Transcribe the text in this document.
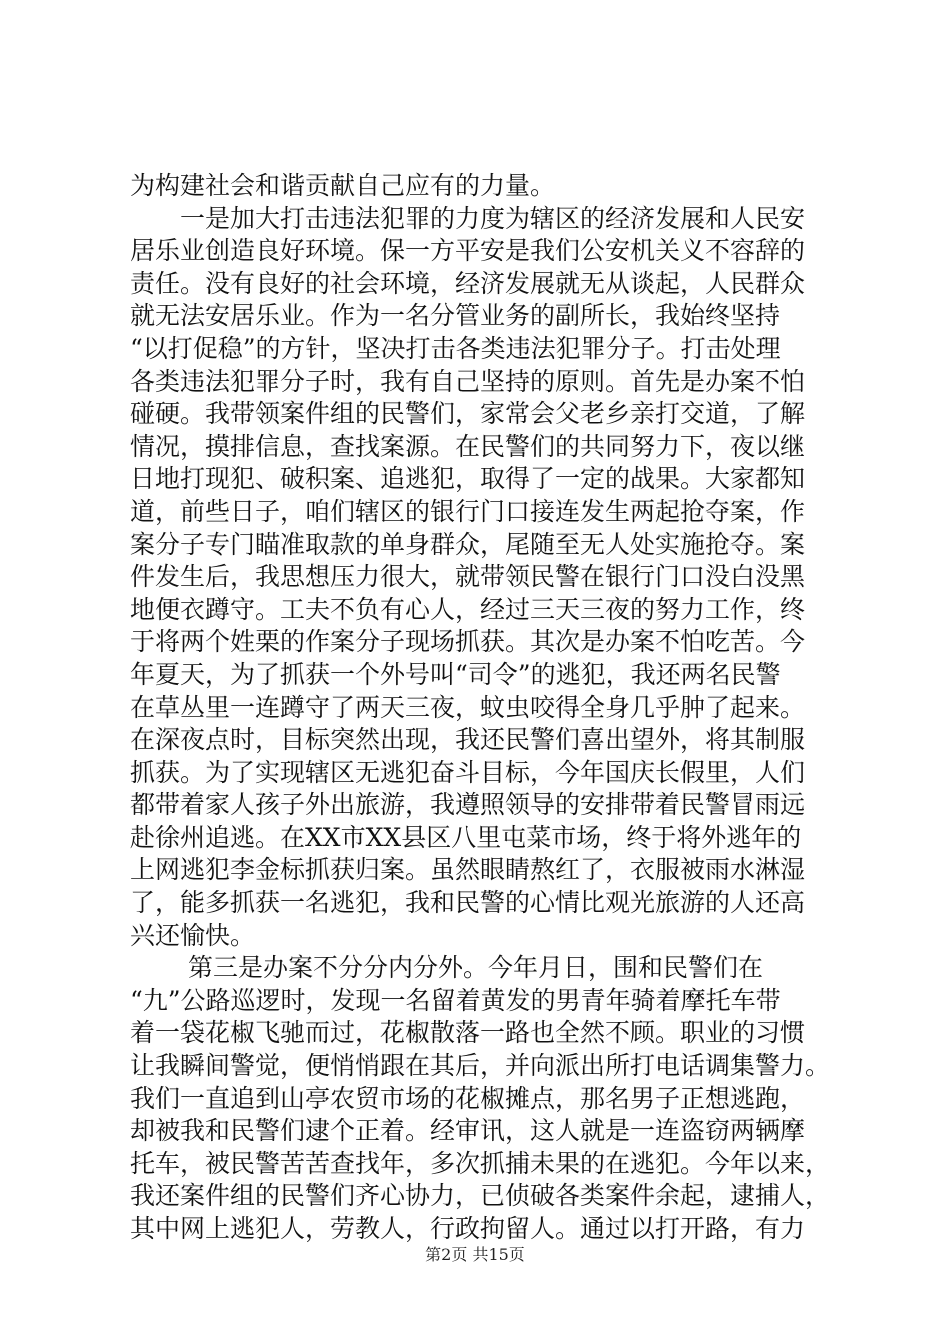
为构建社会和谐贡献自己应有的力量。
　　一是加大打击违法犯罪的力度为辖区的经济发展和人民安
居乐业创造良好环境。保一方平安是我们公安机关义不容辞的
责任。没有良好的社会环境，经济发展就无从谈起，人民群众
就无法安居乐业。作为一名分管业务的副所长，我始终坚持
“以打促稳”的方针，坚决打击各类违法犯罪分子。打击处理
各类违法犯罪分子时，我有自己坚持的原则。首先是办案不怕
碰硬。我带领案件组的民警们，家常会父老乡亲打交道，了解
情况，摸排信息，查找案源。在民警们的共同努力下，夜以继
日地打现犯、破积案、追逃犯，取得了一定的战果。大家都知
道，前些日子，咱们辖区的银行门口接连发生两起抢夺案，作
案分子专门瞄准取款的单身群众，尾随至无人处实施抢夺。案
件发生后，我思想压力很大，就带领民警在银行门口没白没黑
地便衣蹲守。工夫不负有心人，经过三天三夜的努力工作，终
于将两个姓栗的作案分子现场抓获。其次是办案不怕吃苦。今
年夏天，为了抓获一个外号叫“司令”的逃犯，我还两名民警
在草丛里一连蹲守了两天三夜，蚊虫咬得全身几乎肿了起来。
在深夜点时，目标突然出现，我还民警们喜出望外，将其制服
抓获。为了实现辖区无逃犯奋斗目标，今年国庆长假里，人们
都带着家人孩子外出旅游，我遵照领导的安排带着民警冒雨远
赴徐州追逃。在XX市XX县区八里屯菜市场，终于将外逃年的
上网逃犯李金标抓获归案。虽然眼睛熬红了，衣服被雨水淋湿
了，能多抓获一名逃犯，我和民警的心情比观光旅游的人还高
兴还愉快。
　　 第三是办案不分分内分外。今年月日，围和民警们在
“九”公路巡逻时，发现一名留着黄发的男青年骑着摩托车带
着一袋花椒飞驰而过，花椒散落一路也全然不顾。职业的习惯
让我瞬间警觉，便悄悄跟在其后，并向派出所打电话调集警力。
我们一直追到山亭农贸市场的花椒摊点，那名男子正想逃跑，
却被我和民警们逮个正着。经审讯，这人就是一连盗窃两辆摩
托车，被民警苦苦查找年，多次抓捕未果的在逃犯。今年以来，
我还案件组的民警们齐心协力，已侦破各类案件余起，逮捕人，
其中网上逃犯人，劳教人，行政拘留人。通过以打开路，有力
第2页 共15页
